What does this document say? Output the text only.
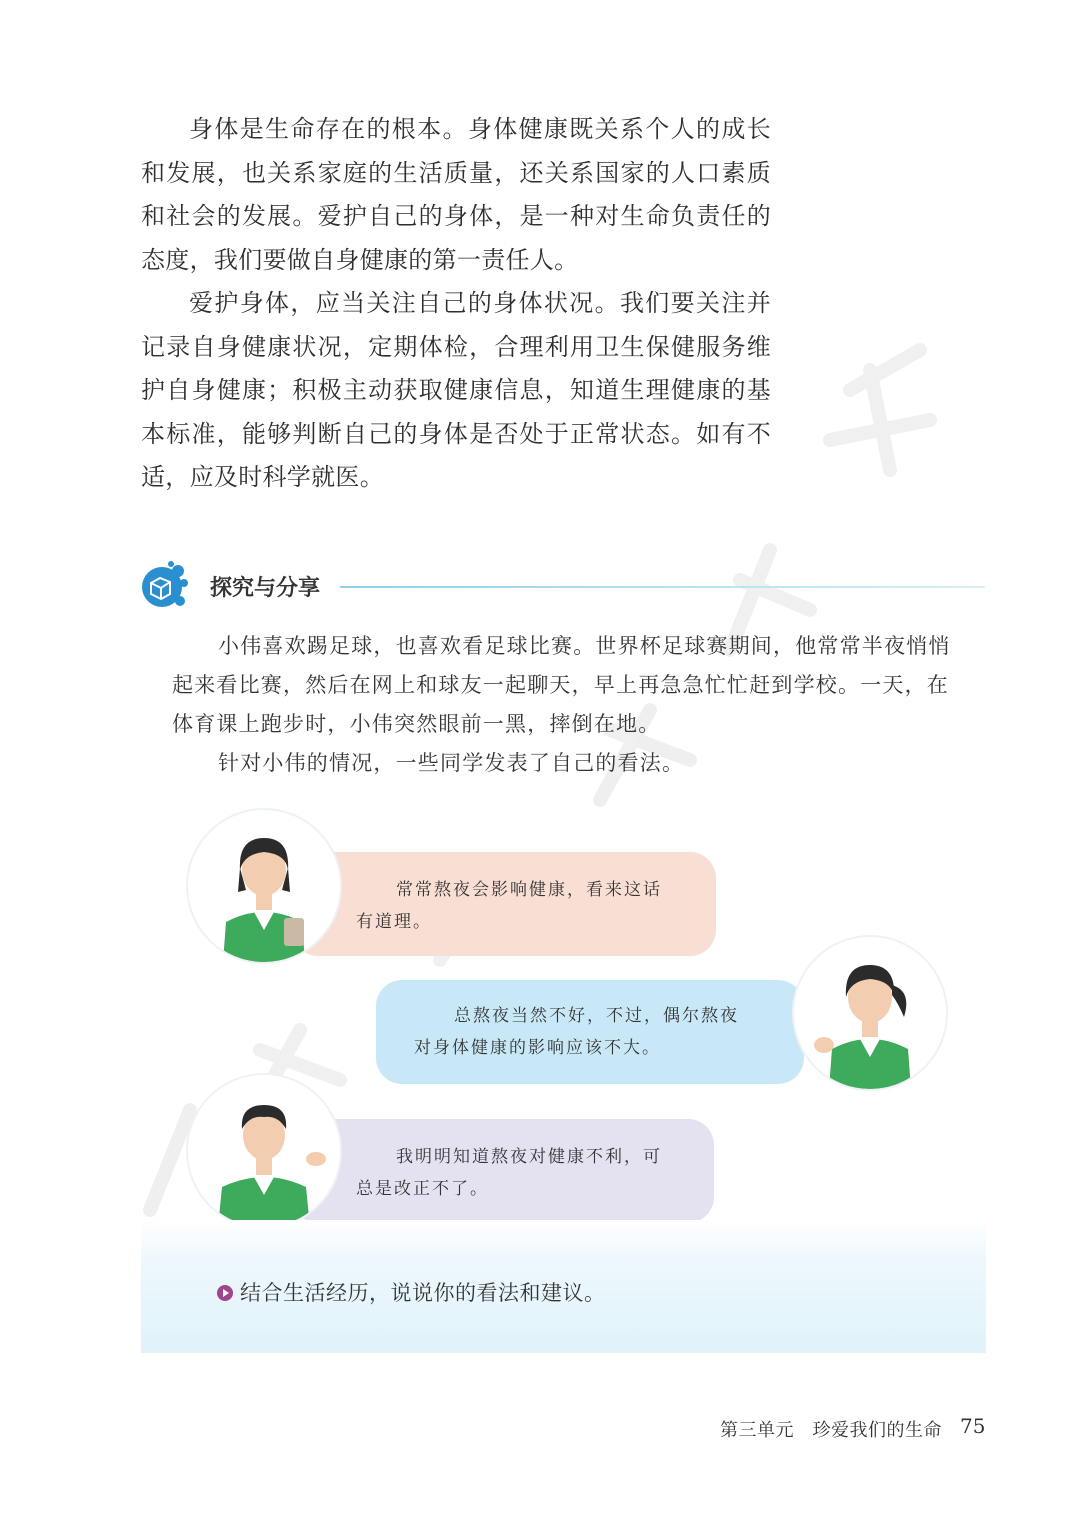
身体是生命存在的根本。身体健康既关系个人的成长和发展，也关系家庭的生活质量，还关系国家的人口素质和社会的发展。爱护自己的身体，是一种对生命负责任的态度，我们要做自身健康的第一责任人。

爱护身体，应当关注自己的身体状况。我们要关注并记录自身健康状况，定期体检，合理利用卫生保健服务维护自身健康；积极主动获取健康信息，知道生理健康的基本标准，能够判断自己的身体是否处于正常状态。如有不适，应及时科学就医。

探究与分享

小伟喜欢踢足球，也喜欢看足球比赛。世界杯足球赛期间，他常常半夜悄悄起来看比赛，然后在网上和球友一起聊天，早上再急急忙忙赶到学校。一天，在体育课上跑步时，小伟突然眼前一黑，摔倒在地。

针对小伟的情况，一些同学发表了自己的看法。

常常熬夜会影响健康，看来这话有道理。

总熬夜当然不好，不过，偶尔熬夜对身体健康的影响应该不大。

我明明知道熬夜对健康不利，可总是改正不了。

结合生活经历，说说你的看法和建议。
第三单元　珍爱我们的生命 75
